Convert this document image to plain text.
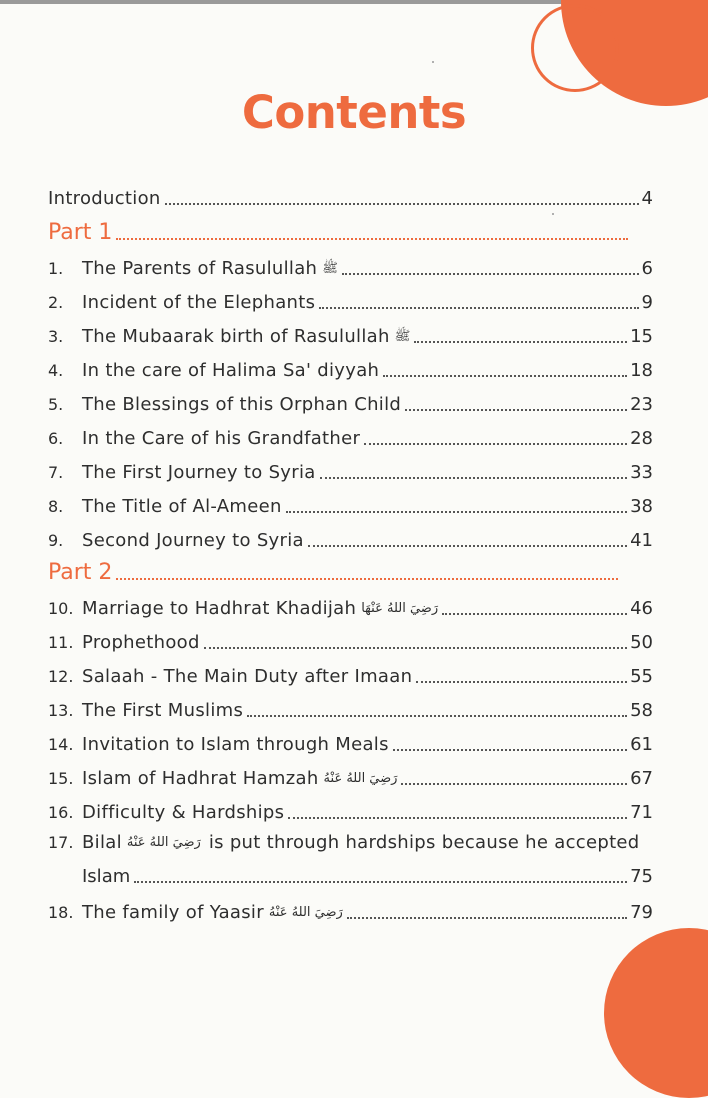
Contents
Introduction	4
Part 1
1.	The Parents of Rasulullah ﷺ	6
2.	Incident of the Elephants	9
3.	The Mubaarak birth of Rasulullah ﷺ	15
4.	In the care of Halima Sa' diyyah	18
5.	The Blessings of this Orphan Child	23
6.	In the Care of his Grandfather	28
7.	The First Journey to Syria	33
8.	The Title of Al-Ameen	38
9.	Second Journey to Syria	41
Part 2
10. Marriage to Hadhrat Khadijah رَضِيَ اللهُ عَنْهَا	46
11. Prophethood	50
12. Salaah - The Main Duty after Imaan	55
13. The First Muslims	58
14. Invitation to Islam through Meals	61
15. Islam of Hadhrat Hamzah رَضِيَ اللهُ عَنْهُ	67
16. Difficulty & Hardships	71
17. Bilal رَضِيَ اللهُ عَنْهُ is put through hardships because he accepted
Islam	75
18. The family of Yaasir رَضِيَ اللهُ عَنْهُ	79
